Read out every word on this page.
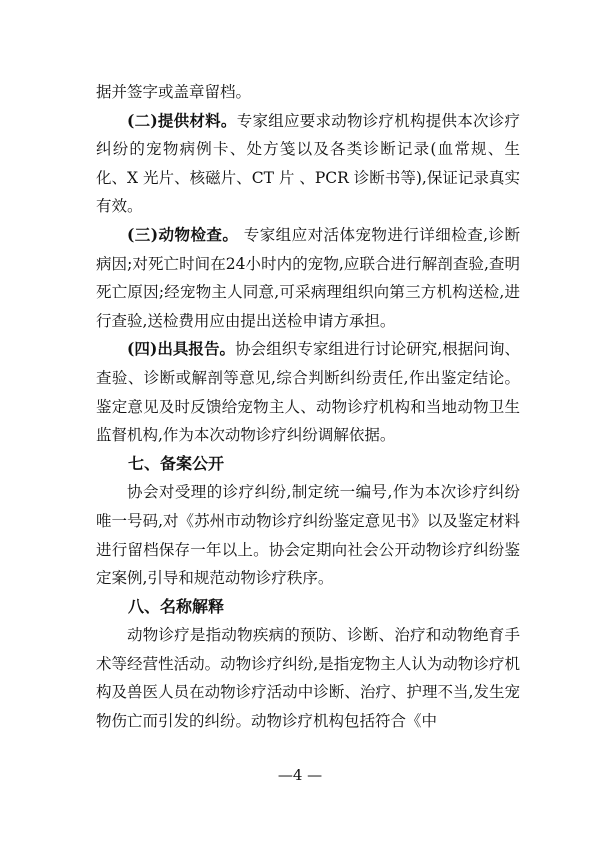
据并签字或盖章留档。

(二)提供材料。专家组应要求动物诊疗机构提供本次诊疗纠纷的宠物病例卡、处方笺以及各类诊断记录(血常规、生化、X 光片、核磁片、CT 片 、PCR 诊断书等),保证记录真实有效。

(三)动物检查。 专家组应对活体宠物进行详细检查,诊断病因;对死亡时间在24小时内的宠物,应联合进行解剖查验,查明死亡原因;经宠物主人同意,可采病理组织向第三方机构送检,进行查验,送检费用应由提出送检申请方承担。

(四)出具报告。协会组织专家组进行讨论研究,根据问询、查验、诊断或解剖等意见,综合判断纠纷责任,作出鉴定结论。鉴定意见及时反馈给宠物主人、动物诊疗机构和当地动物卫生监督机构,作为本次动物诊疗纠纷调解依据。

七、备案公开

协会对受理的诊疗纠纷,制定统一编号,作为本次诊疗纠纷唯一号码,对《苏州市动物诊疗纠纷鉴定意见书》以及鉴定材料进行留档保存一年以上。协会定期向社会公开动物诊疗纠纷鉴定案例,引导和规范动物诊疗秩序。

八、名称解释

动物诊疗是指动物疾病的预防、诊断、治疗和动物绝育手术等经营性活动。动物诊疗纠纷,是指宠物主人认为动物诊疗机构及兽医人员在动物诊疗活动中诊断、治疗、护理不当,发生宠物伤亡而引发的纠纷。动物诊疗机构包括符合《中

—4 —
